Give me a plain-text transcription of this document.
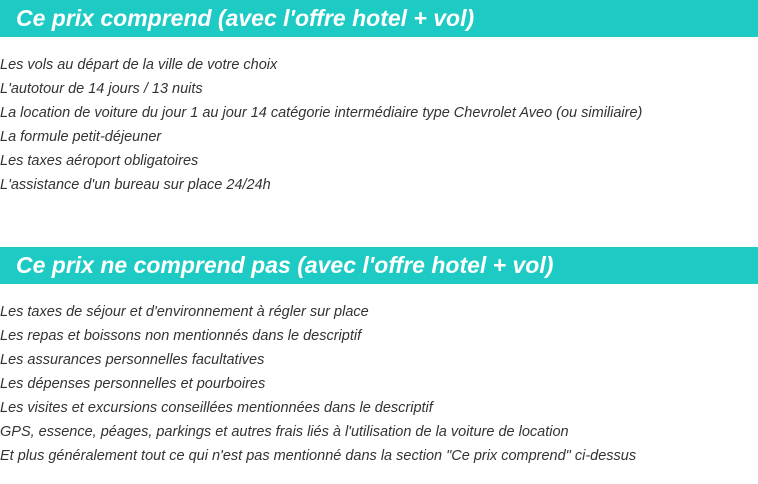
Ce prix comprend (avec l'offre hotel + vol)
Les vols au départ de la ville de votre choix
L'autotour de 14 jours / 13 nuits
La location de voiture du jour 1 au jour 14 catégorie intermédiaire type Chevrolet Aveo (ou similiaire)
La formule petit-déjeuner
Les taxes aéroport obligatoires
L'assistance d'un bureau sur place 24/24h
Ce prix ne comprend pas (avec l'offre hotel + vol)
Les taxes de séjour et d'environnement à régler sur place
Les repas et boissons non mentionnés dans le descriptif
Les assurances personnelles facultatives
Les dépenses personnelles et pourboires
Les visites et excursions conseillées mentionnées dans le descriptif
GPS, essence, péages, parkings et autres frais liés à l'utilisation de la voiture de location
Et plus généralement tout ce qui n'est pas mentionné dans la section "Ce prix comprend" ci-dessus
